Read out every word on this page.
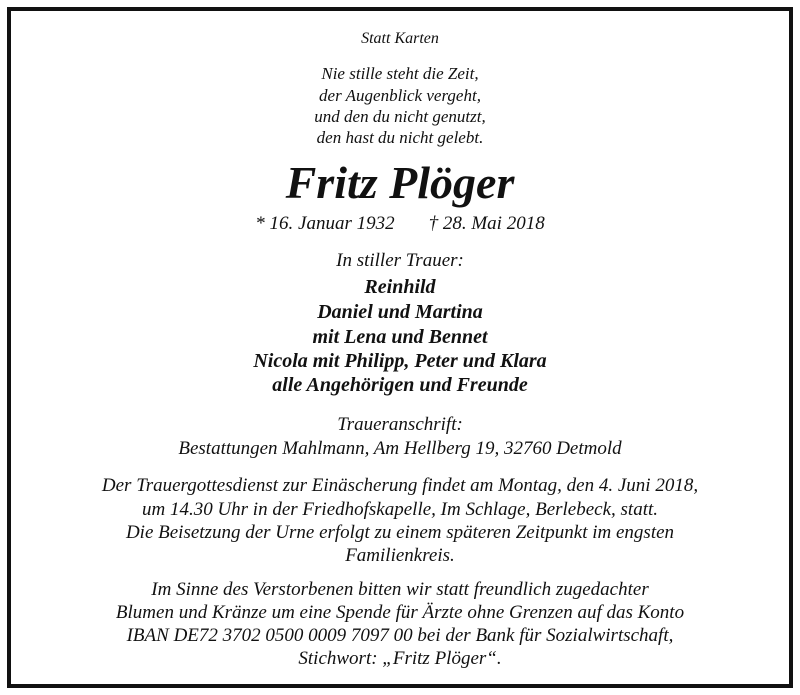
Statt Karten
Nie stille steht die Zeit,
der Augenblick vergeht,
und den du nicht genutzt,
den hast du nicht gelebt.
Fritz Plöger
* 16. Januar 1932 † 28. Mai 2018
In stiller Trauer:
Reinhild
Daniel und Martina
mit Lena und Bennet
Nicola mit Philipp, Peter und Klara
alle Angehörigen und Freunde
Traueranschrift:
Bestattungen Mahlmann, Am Hellberg 19, 32760 Detmold
Der Trauergottesdienst zur Einäscherung findet am Montag, den 4. Juni 2018,
um 14.30 Uhr in der Friedhofskapelle, Im Schlage, Berlebeck, statt.
Die Beisetzung der Urne erfolgt zu einem späteren Zeitpunkt im engsten
Familienkreis.
Im Sinne des Verstorbenen bitten wir statt freundlich zugedachter
Blumen und Kränze um eine Spende für Ärzte ohne Grenzen auf das Konto
IBAN DE72 3702 0500 0009 7097 00 bei der Bank für Sozialwirtschaft,
Stichwort: „Fritz Plöger“.
